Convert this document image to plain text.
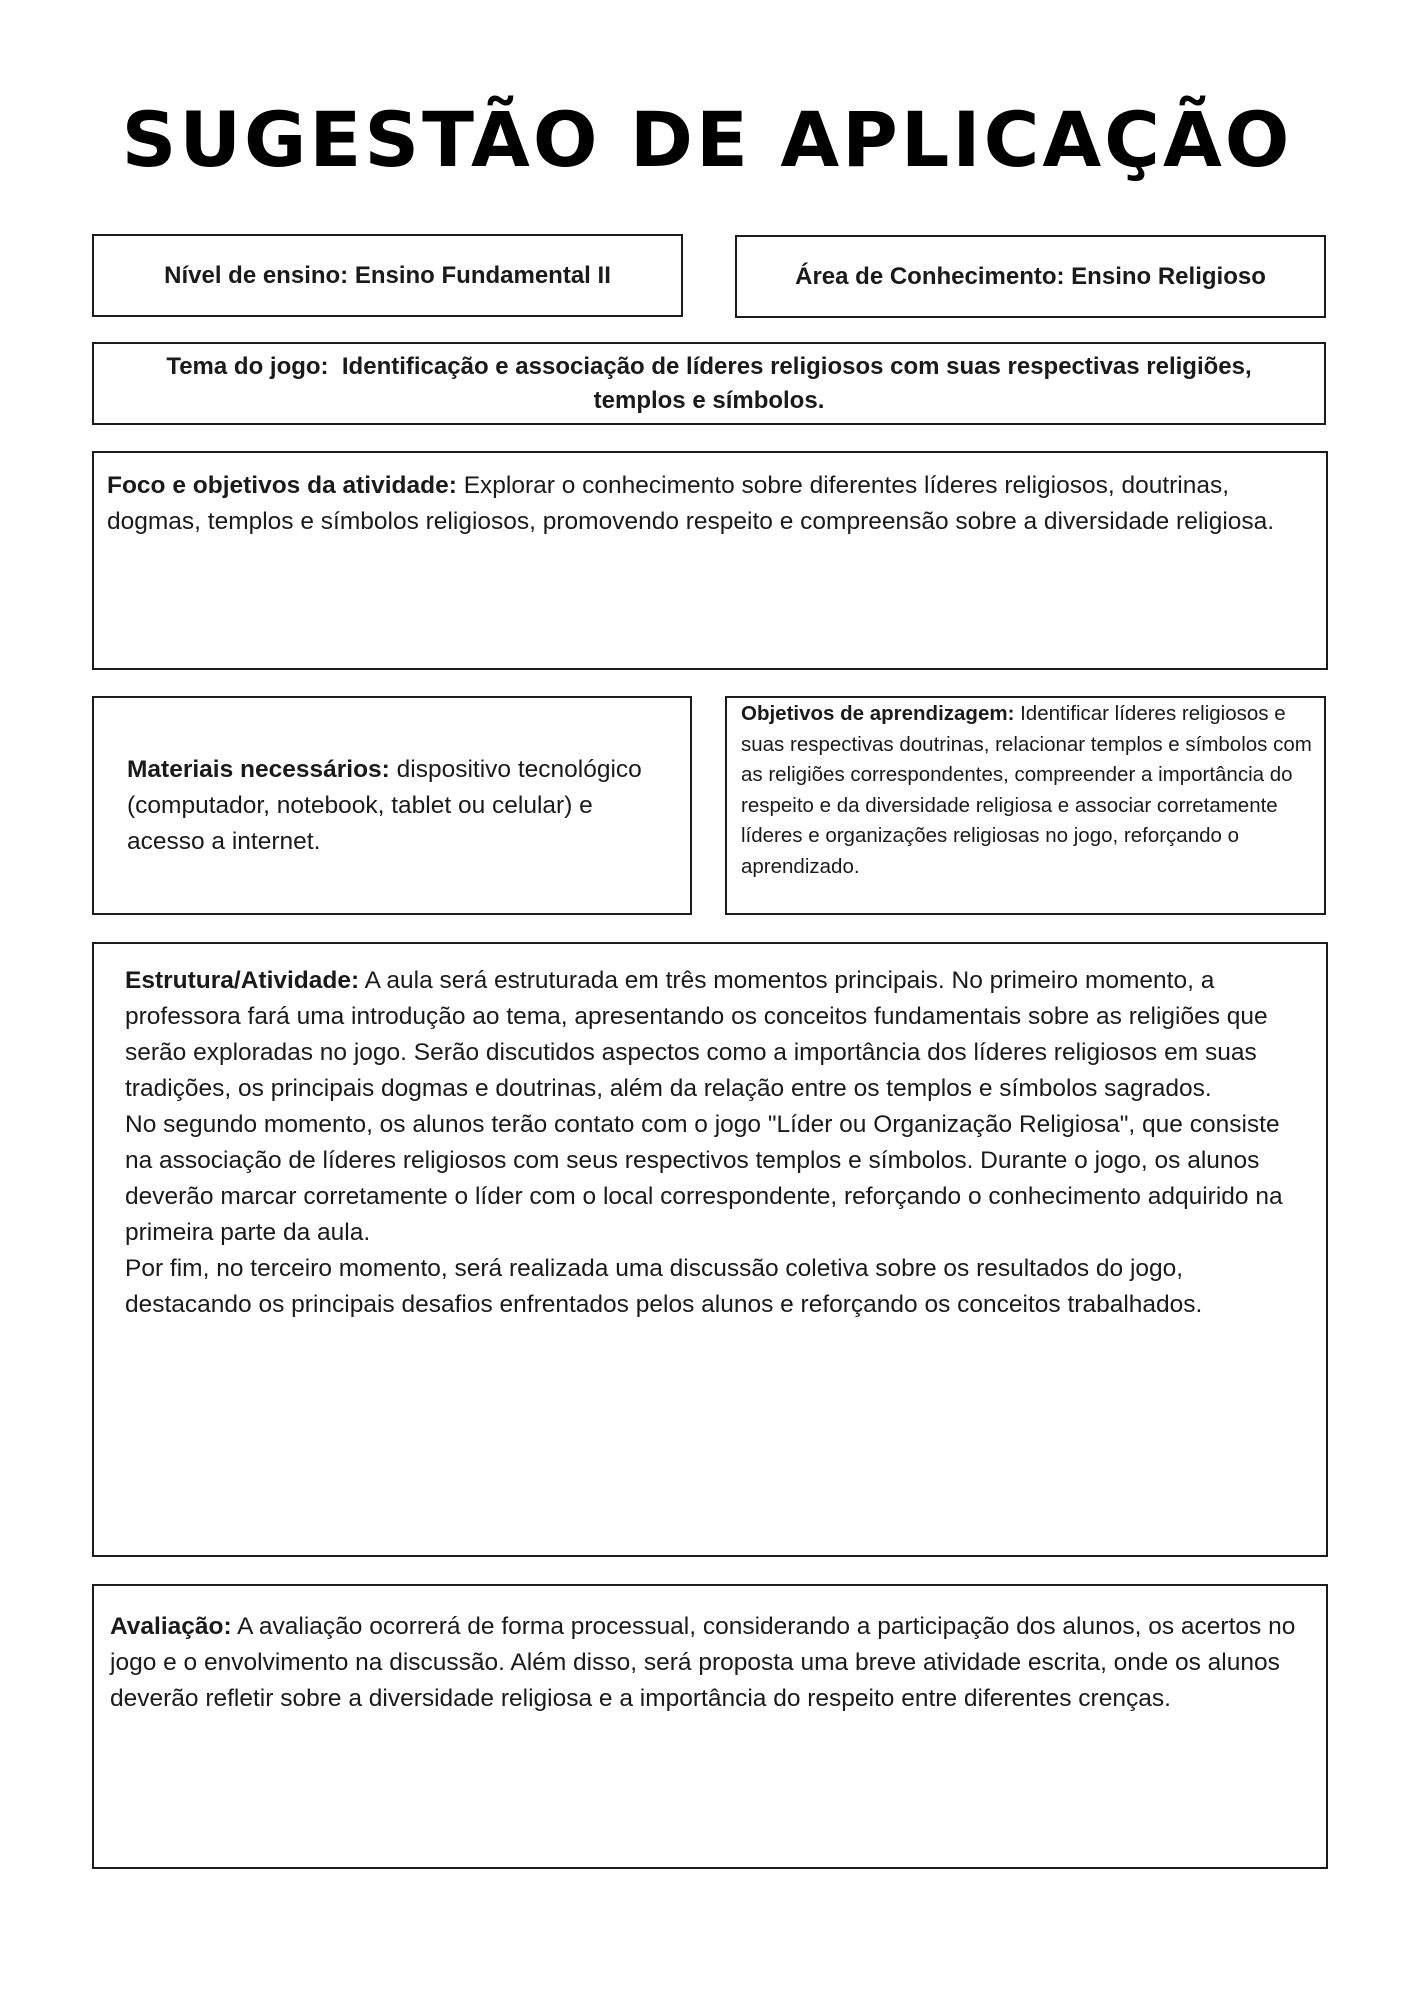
SUGESTÃO DE APLICAÇÃO
Nível de ensino: Ensino Fundamental II	Área de Conhecimento: Ensino Religioso
Tema do jogo: Identificação e associação de líderes religiosos com suas respectivas religiões, templos e símbolos.
Foco e objetivos da atividade: Explorar o conhecimento sobre diferentes líderes religiosos, doutrinas, dogmas, templos e símbolos religiosos, promovendo respeito e compreensão sobre a diversidade religiosa.
Materiais necessários: dispositivo tecnológico (computador, notebook, tablet ou celular) e acesso a internet.
Objetivos de aprendizagem: Identificar líderes religiosos e suas respectivas doutrinas, relacionar templos e símbolos com as religiões correspondentes, compreender a importância do respeito e da diversidade religiosa e associar corretamente líderes e organizações religiosas no jogo, reforçando o aprendizado.
Estrutura/Atividade: A aula será estruturada em três momentos principais. No primeiro momento, a professora fará uma introdução ao tema, apresentando os conceitos fundamentais sobre as religiões que serão exploradas no jogo. Serão discutidos aspectos como a importância dos líderes religiosos em suas tradições, os principais dogmas e doutrinas, além da relação entre os templos e símbolos sagrados.
No segundo momento, os alunos terão contato com o jogo "Líder ou Organização Religiosa", que consiste na associação de líderes religiosos com seus respectivos templos e símbolos. Durante o jogo, os alunos deverão marcar corretamente o líder com o local correspondente, reforçando o conhecimento adquirido na primeira parte da aula.
Por fim, no terceiro momento, será realizada uma discussão coletiva sobre os resultados do jogo, destacando os principais desafios enfrentados pelos alunos e reforçando os conceitos trabalhados.
Avaliação: A avaliação ocorrerá de forma processual, considerando a participação dos alunos, os acertos no jogo e o envolvimento na discussão. Além disso, será proposta uma breve atividade escrita, onde os alunos deverão refletir sobre a diversidade religiosa e a importância do respeito entre diferentes crenças.
